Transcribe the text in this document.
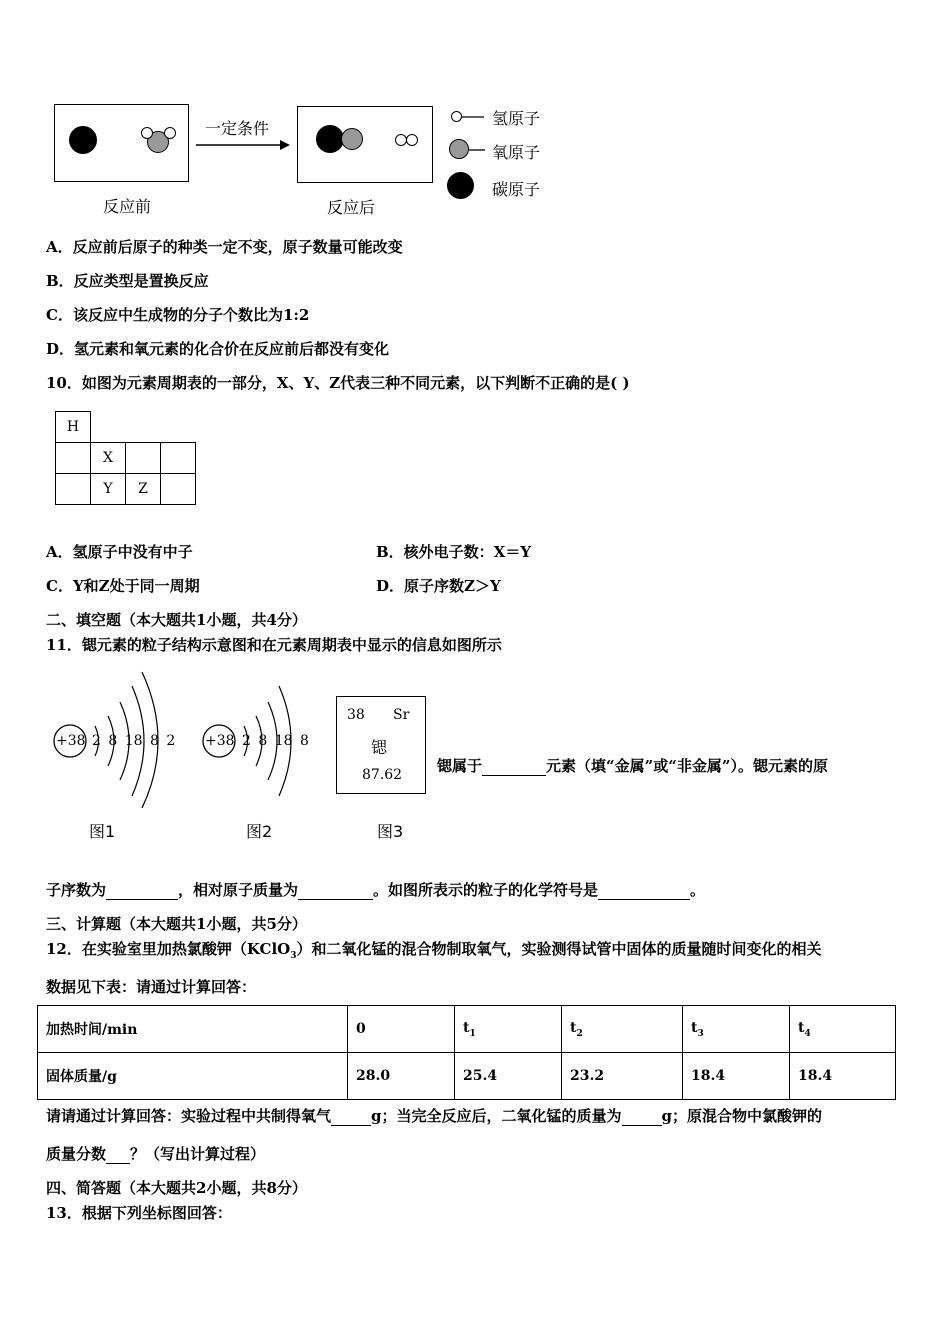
一定条件
反应前	反应后
氢原子
氧原子
碳原子
A．反应前后原子的种类一定不变，原子数量可能改变
B．反应类型是置换反应
C．该反应中生成物的分子个数比为1:2
D．氢元素和氧元素的化合价在反应前后都没有变化
10．如图为元素周期表的一部分，X、Y、Z代表三种不同元素，以下判断不正确的是( )
H			
	X		
	Y	Z	
A．氢原子中没有中子	B．核外电子数：X＝Y
C．Y和Z处于同一周期	D．原子序数Z＞Y
二、填空题（本大题共1小题，共4分）
11．锶元素的粒子结构示意图和在元素周期表中显示的信息如图所示
+38 2 8 18 8 2
图1
+38 2 8 18 8
图2
38 Sr
锶
87.62
图3
锶属于	元素（填“金属”或“非金属”）。锶元素的原
子序数为	，相对原子质量为	。如图所表示的粒子的化学符号是	。
三、计算题（本大题共1小题，共5分）
12．在实验室里加热氯酸钾（KClO$_3$）和二氧化锰的混合物制取氧气，实验测得试管中固体的质量随时间变化的相关
数据见下表：请通过计算回答：
加热时间/min	0	$t_1$	$t_2$	$t_3$	$t_4$
固体质量/g	28.0	25.4	23.2	18.4	18.4
请请通过计算回答：实验过程中共制得氧气	g；当完全反应后，二氧化锰的质量为	g；原混合物中氯酸钾的
质量分数 ？（写出计算过程）
四、简答题（本大题共2小题，共8分）
13．根据下列坐标图回答：
